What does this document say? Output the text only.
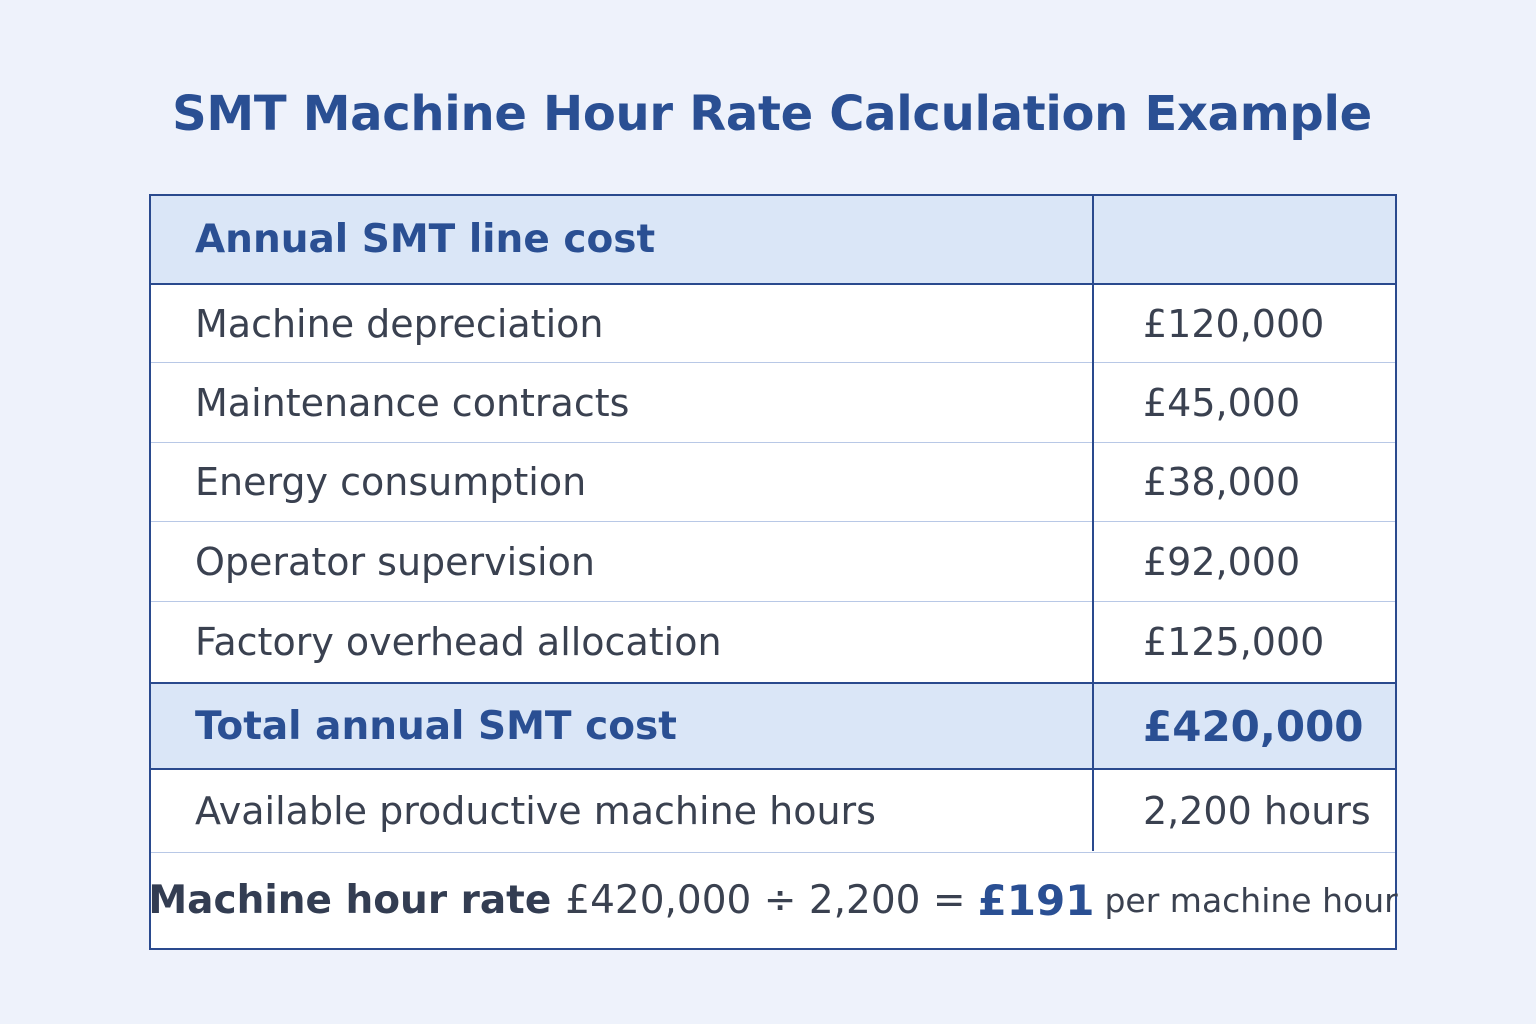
SMT Machine Hour Rate Calculation Example
Annual SMT line cost
Machine depreciation	£120,000
Maintenance contracts	£45,000
Energy consumption	£38,000
Operator supervision	£92,000
Factory overhead allocation	£125,000
Total annual SMT cost	£420,000
Available productive machine hours	2,200 hours
Machine hour rate £420,000 ÷ 2,200 = £191 per machine hour
